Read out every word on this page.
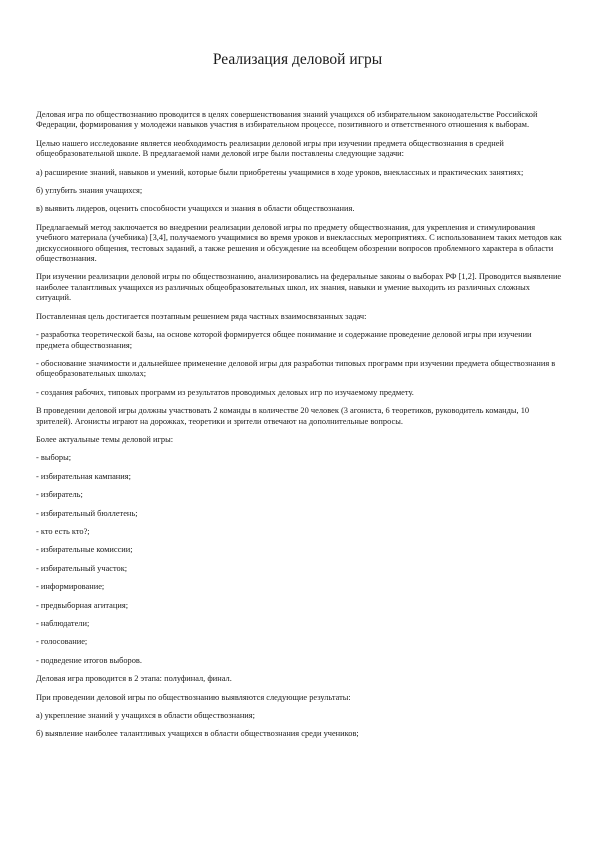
Реализация деловой игры

Деловая игра по обществознанию проводится в целях совершенствования знаний учащихся об избирательном законодательстве Российской Федерации, формирования у молодежи навыков участия в избирательном процессе, позитивного и ответственного отношения к выборам.

Целью нашего исследование является необходимость реализации деловой игры при изучении предмета обществознания в средней общеобразовательной школе. В предлагаемой нами деловой игре были поставлены следующие задачи:

а) расширение знаний, навыков и умений, которые были приобретены учащимися в ходе уроков, внеклассных и практических занятиях;

б) углубить знания учащихся;

в) выявить лидеров, оценить способности учащихся и знания в области обществознания.

Предлагаемый метод заключается во внедрении реализации деловой игры по предмету обществознания, для укрепления и стимулирования учебного материала (учебника) [3,4], получаемого учащимися во время уроков и внеклассных мероприятиях. С использованием таких методов как дискуссионного общения, тестовых заданий, а также решения и обсуждение на всеобщем обозрении вопросов проблемного характера в области обществознания.

При изучении реализации деловой игры по обществознанию, анализировались на федеральные законы о выборах РФ [1,2]. Проводится выявление наиболее талантливых учащихся из различных общеобразовательных школ, их знания, навыки и умение выходить из различных сложных ситуаций.

Поставленная цель достигается поэтапным решением ряда частных взаимосвязанных задач:

- разработка теоретической базы, на основе которой формируется общее понимание и содержание проведение деловой игры при изучении предмета обществознания;

- обоснование значимости и дальнейшее применение деловой игры для разработки типовых программ при изучении предмета обществознания в общеобразовательных школах;

- создания рабочих, типовых программ из результатов проводимых деловых игр по изучаемому предмету.

В проведении деловой игры должны участвовать 2 команды в количестве 20 человек (3 агониста, 6 теоретиков, руководитель команды, 10 зрителей). Агонисты играют на дорожках, теоретики и зрители отвечают на дополнительные вопросы.

Более актуальные темы деловой игры:

- выборы;

- избирательная кампания;

- избиратель;

- избирательный бюллетень;

- кто есть кто?;

- избирательные комиссии;

- избирательный участок;

- информирование;

- предвыборная агитация;

- наблюдатели;

- голосование;

- подведение итогов выборов.

Деловая игра проводится в 2 этапа: полуфинал, финал.

При проведении деловой игры по обществознанию выявляются следующие результаты:

а) укрепление знаний у учащихся в области обществознания;

б) выявление наиболее талантливых учащихся в области обществознания среди учеников;
